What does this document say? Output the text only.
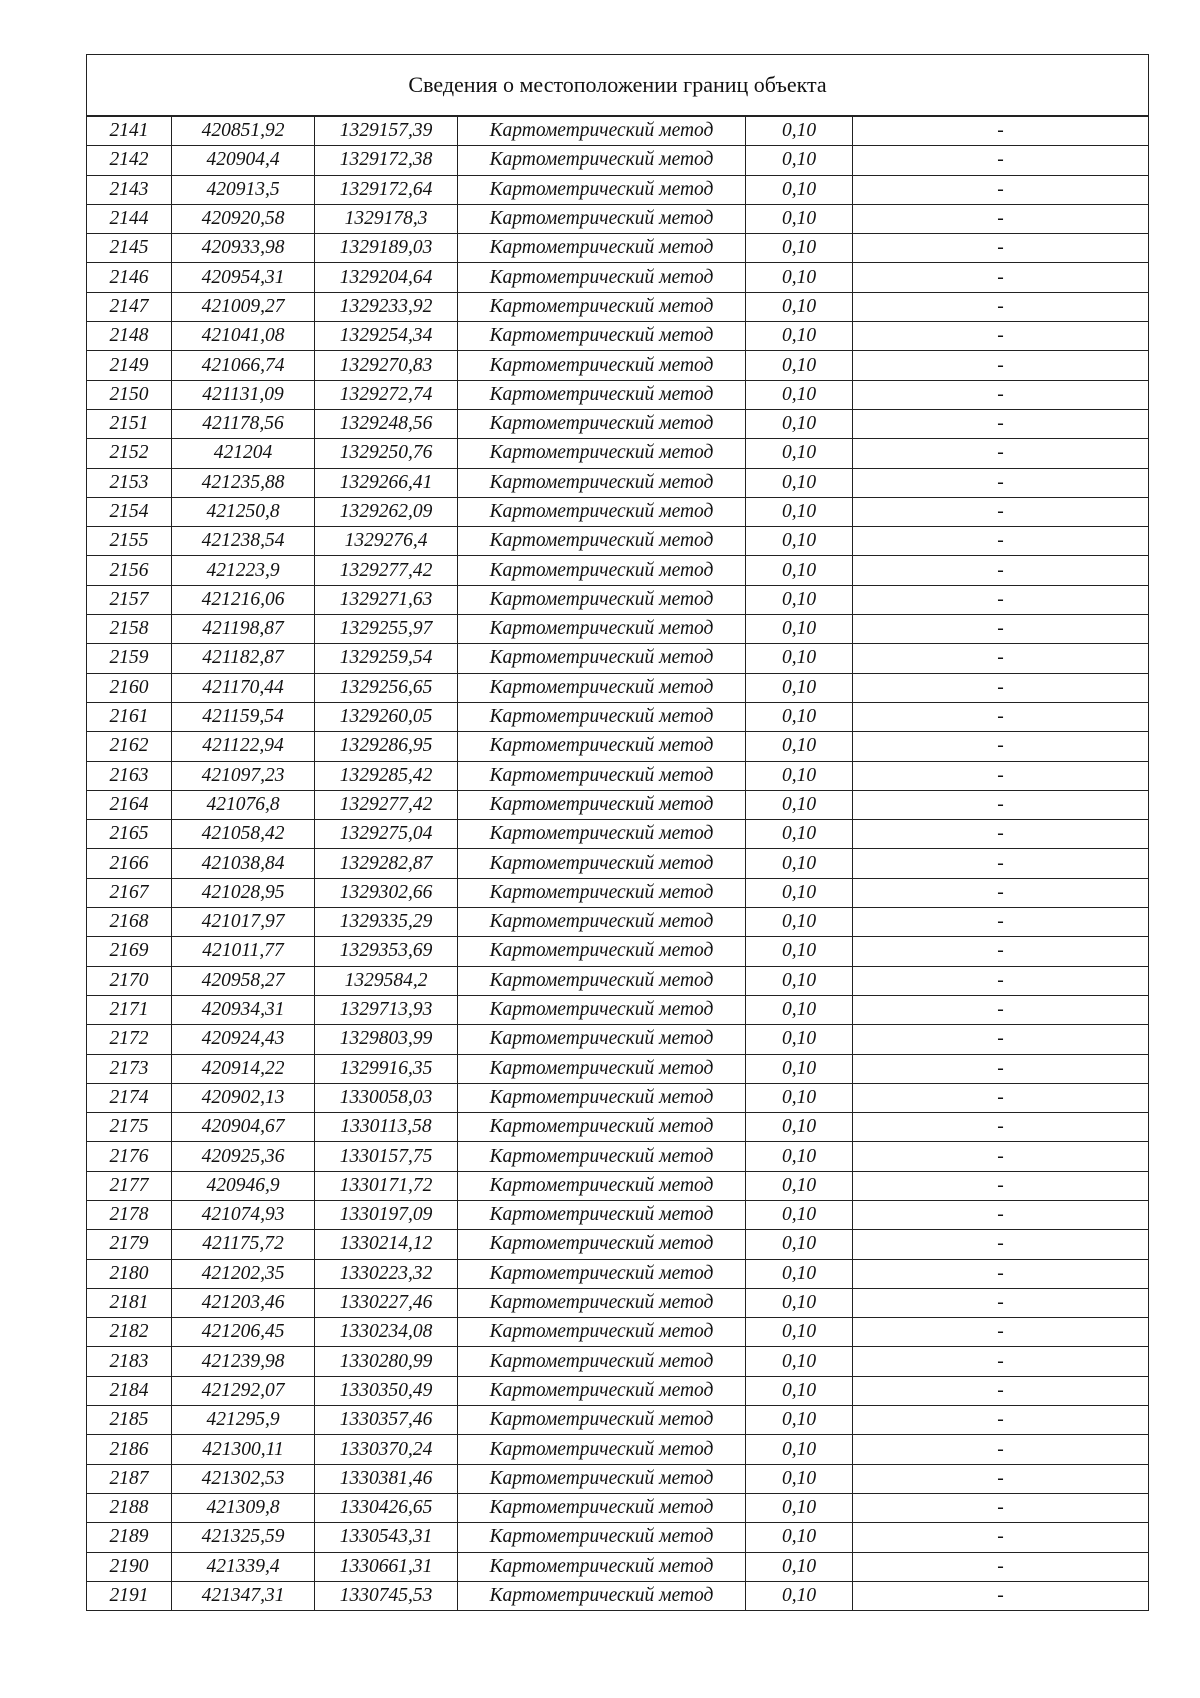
Сведения о местоположении границ объекта					
2141	420851,92	1329157,39	Картометрический метод	0,10	-
2142	420904,4	1329172,38	Картометрический метод	0,10	-
2143	420913,5	1329172,64	Картометрический метод	0,10	-
2144	420920,58	1329178,3	Картометрический метод	0,10	-
2145	420933,98	1329189,03	Картометрический метод	0,10	-
2146	420954,31	1329204,64	Картометрический метод	0,10	-
2147	421009,27	1329233,92	Картометрический метод	0,10	-
2148	421041,08	1329254,34	Картометрический метод	0,10	-
2149	421066,74	1329270,83	Картометрический метод	0,10	-
2150	421131,09	1329272,74	Картометрический метод	0,10	-
2151	421178,56	1329248,56	Картометрический метод	0,10	-
2152	421204	1329250,76	Картометрический метод	0,10	-
2153	421235,88	1329266,41	Картометрический метод	0,10	-
2154	421250,8	1329262,09	Картометрический метод	0,10	-
2155	421238,54	1329276,4	Картометрический метод	0,10	-
2156	421223,9	1329277,42	Картометрический метод	0,10	-
2157	421216,06	1329271,63	Картометрический метод	0,10	-
2158	421198,87	1329255,97	Картометрический метод	0,10	-
2159	421182,87	1329259,54	Картометрический метод	0,10	-
2160	421170,44	1329256,65	Картометрический метод	0,10	-
2161	421159,54	1329260,05	Картометрический метод	0,10	-
2162	421122,94	1329286,95	Картометрический метод	0,10	-
2163	421097,23	1329285,42	Картометрический метод	0,10	-
2164	421076,8	1329277,42	Картометрический метод	0,10	-
2165	421058,42	1329275,04	Картометрический метод	0,10	-
2166	421038,84	1329282,87	Картометрический метод	0,10	-
2167	421028,95	1329302,66	Картометрический метод	0,10	-
2168	421017,97	1329335,29	Картометрический метод	0,10	-
2169	421011,77	1329353,69	Картометрический метод	0,10	-
2170	420958,27	1329584,2	Картометрический метод	0,10	-
2171	420934,31	1329713,93	Картометрический метод	0,10	-
2172	420924,43	1329803,99	Картометрический метод	0,10	-
2173	420914,22	1329916,35	Картометрический метод	0,10	-
2174	420902,13	1330058,03	Картометрический метод	0,10	-
2175	420904,67	1330113,58	Картометрический метод	0,10	-
2176	420925,36	1330157,75	Картометрический метод	0,10	-
2177	420946,9	1330171,72	Картометрический метод	0,10	-
2178	421074,93	1330197,09	Картометрический метод	0,10	-
2179	421175,72	1330214,12	Картометрический метод	0,10	-
2180	421202,35	1330223,32	Картометрический метод	0,10	-
2181	421203,46	1330227,46	Картометрический метод	0,10	-
2182	421206,45	1330234,08	Картометрический метод	0,10	-
2183	421239,98	1330280,99	Картометрический метод	0,10	-
2184	421292,07	1330350,49	Картометрический метод	0,10	-
2185	421295,9	1330357,46	Картометрический метод	0,10	-
2186	421300,11	1330370,24	Картометрический метод	0,10	-
2187	421302,53	1330381,46	Картометрический метод	0,10	-
2188	421309,8	1330426,65	Картометрический метод	0,10	-
2189	421325,59	1330543,31	Картометрический метод	0,10	-
2190	421339,4	1330661,31	Картометрический метод	0,10	-
2191	421347,31	1330745,53	Картометрический метод	0,10	-
